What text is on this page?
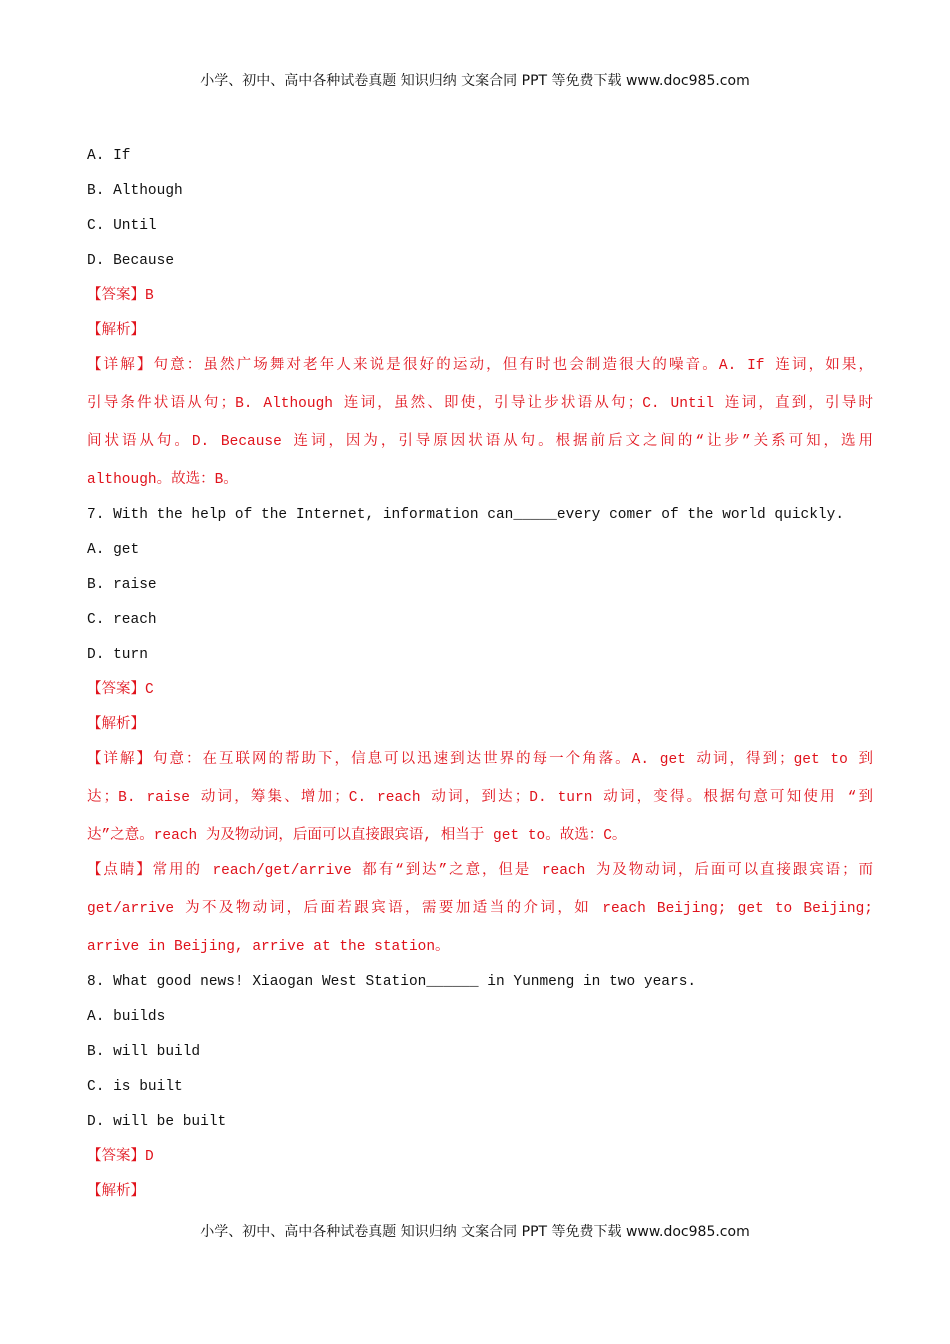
小学、初中、高中各种试卷真题 知识归纳 文案合同 PPT 等免费下载 www.doc985.com
A. If
B. Although
C. Until
D. Because
【答案】B
【解析】
【详解】句意：虽然广场舞对老年人来说是很好的运动，但有时也会制造很大的噪音。A. If 连词，如果，
引导条件状语从句；B. Although 连词，虽然、即使，引导让步状语从句；C. Until 连词，直到，引导时
间状语从句。D. Because 连词，因为，引导原因状语从句。根据前后文之间的“让步”关系可知，选用
although。故选：B。
7. With the help of the Internet, information can_____every comer of the world quickly.
A. get
B. raise
C. reach
D. turn
【答案】C
【解析】
【详解】句意：在互联网的帮助下，信息可以迅速到达世界的每一个角落。A. get 动词，得到；get to 到
达；B. raise 动词，筹集、增加；C. reach 动词，到达；D. turn 动词，变得。根据句意可知使用 “到
达”之意。reach 为及物动词，后面可以直接跟宾语, 相当于 get to。故选：C。
【点睛】常用的 reach/get/arrive 都有“到达”之意，但是 reach 为及物动词，后面可以直接跟宾语；而
get/arrive 为不及物动词，后面若跟宾语，需要加适当的介词，如 reach Beijing; get to Beijing;
arrive in Beijing, arrive at the station。
8. What good news! Xiaogan West Station______ in Yunmeng in two years.
A. builds
B. will build
C. is built
D. will be built
【答案】D
【解析】
小学、初中、高中各种试卷真题 知识归纳 文案合同 PPT 等免费下载 www.doc985.com
